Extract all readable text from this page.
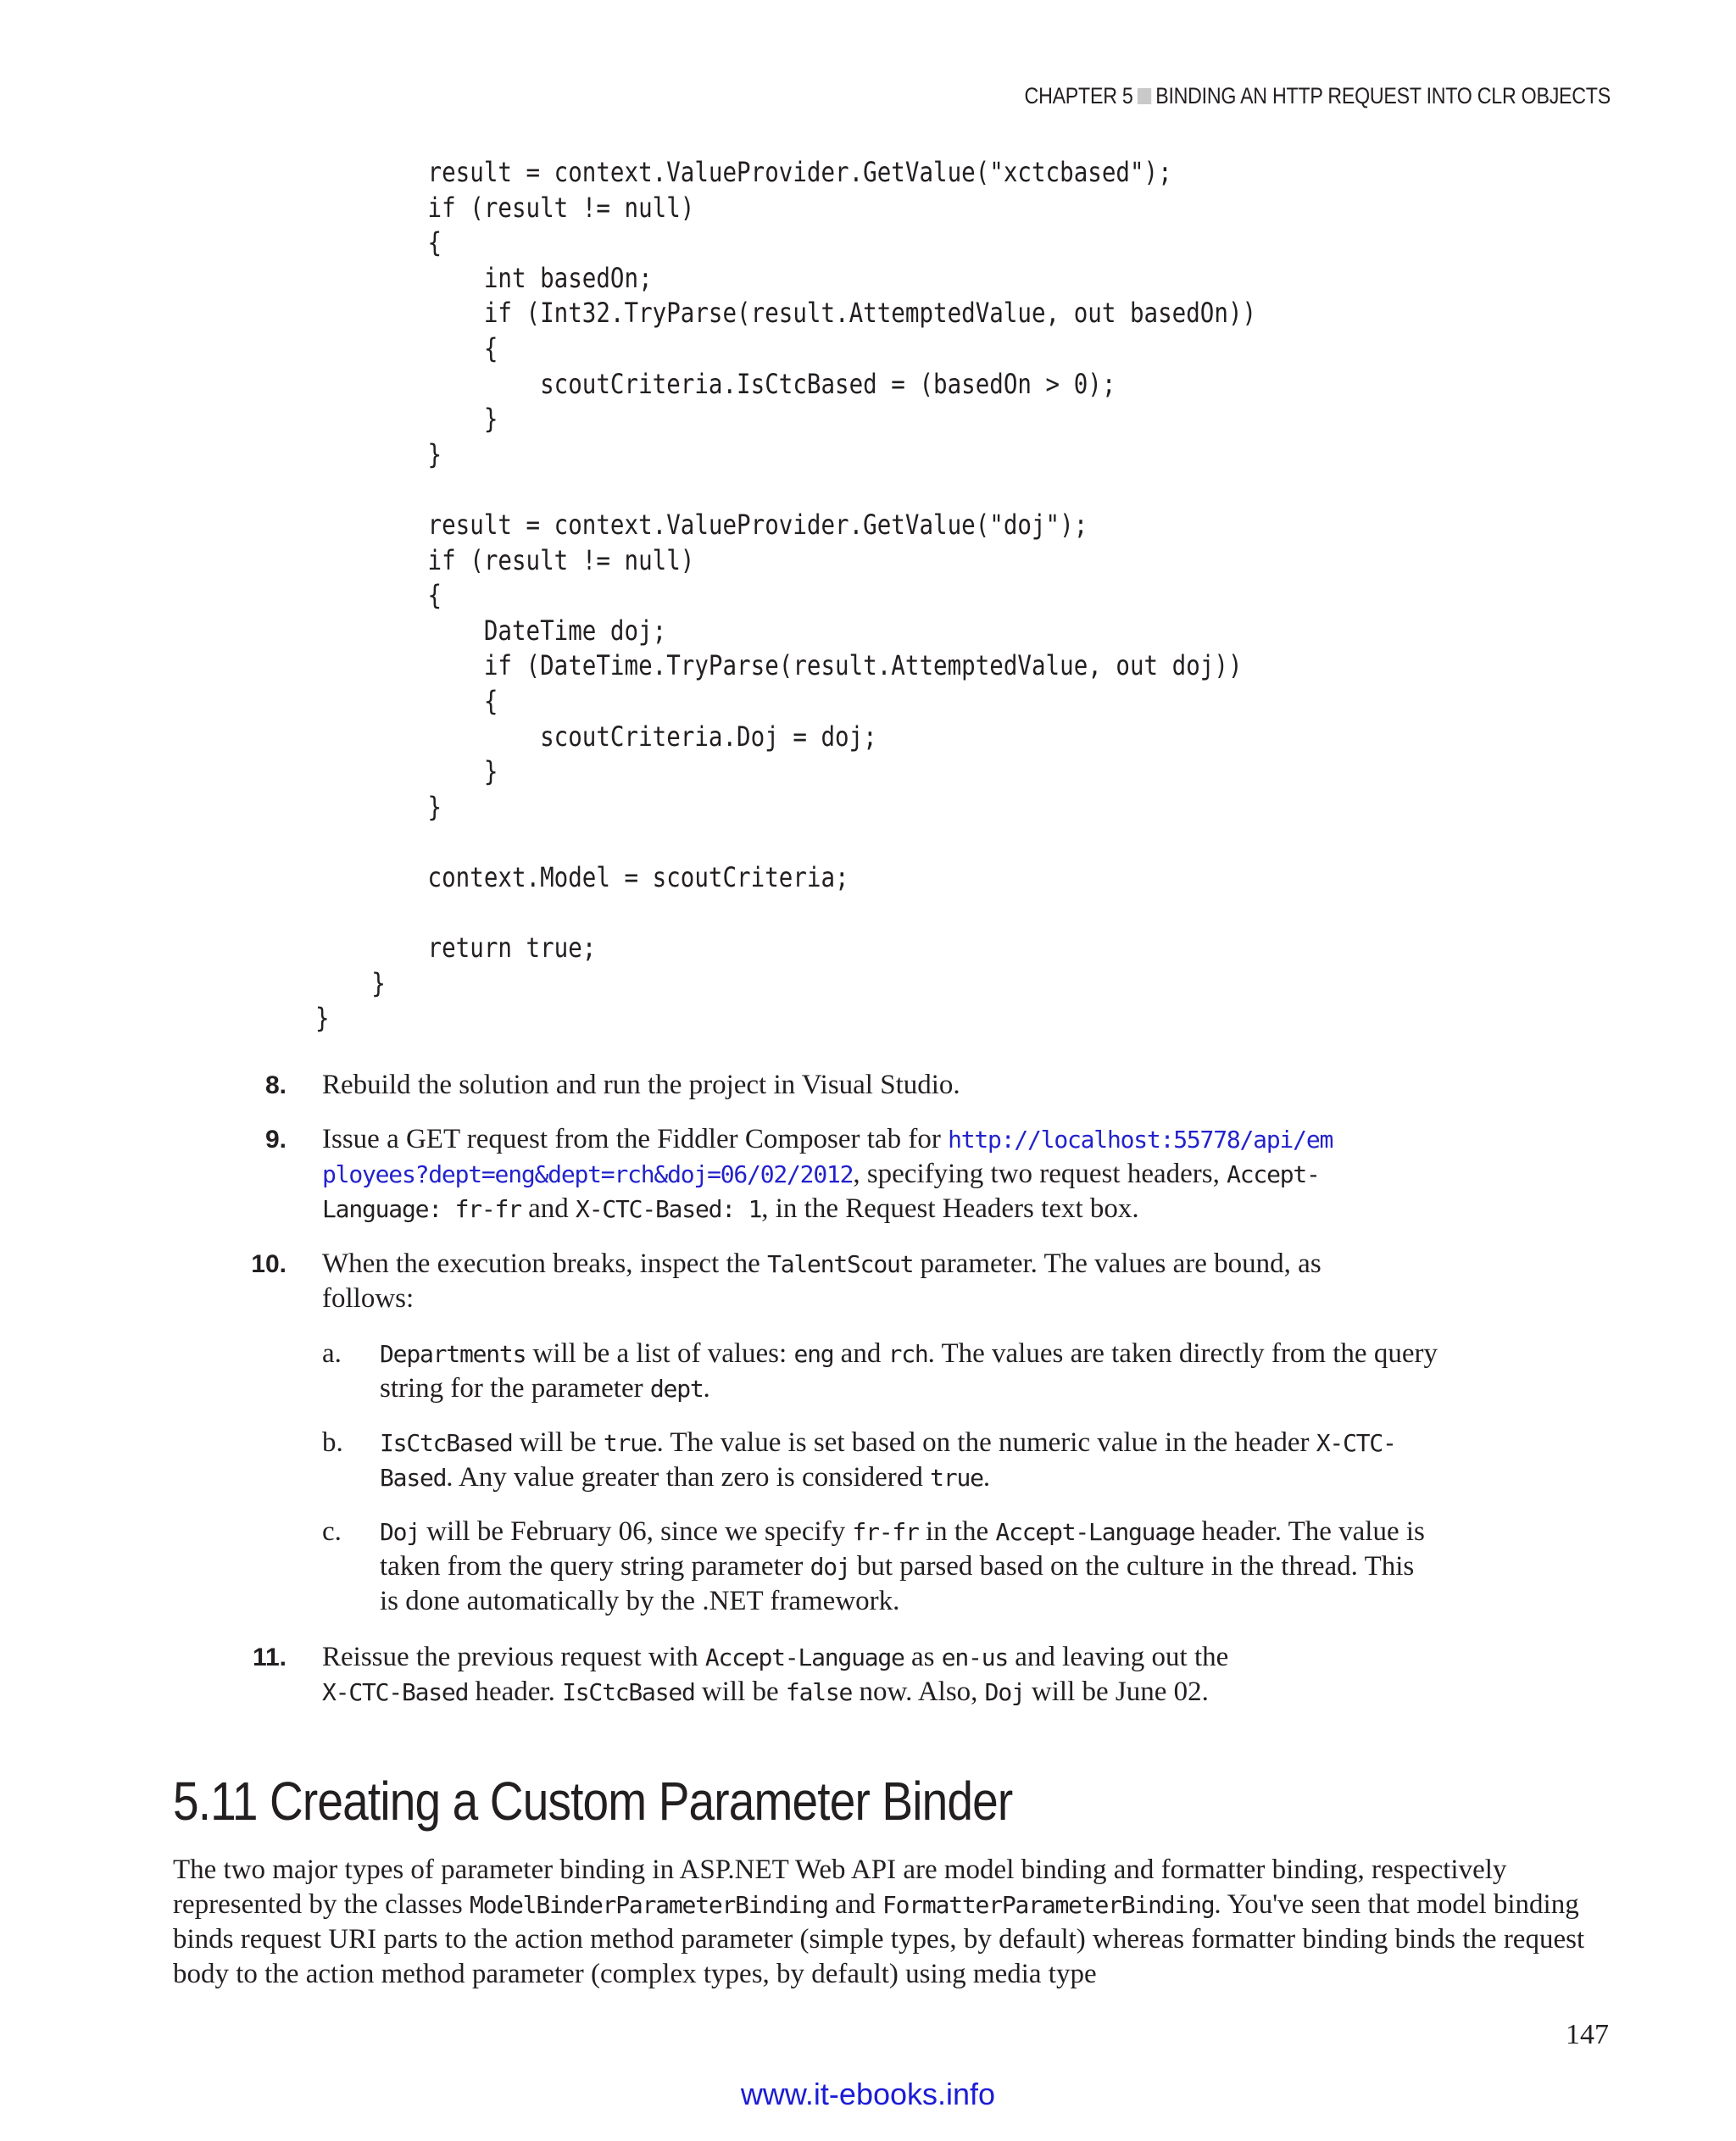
CHAPTER 5 BINDING AN HTTP REQUEST INTO CLR OBJECTS
result = context.ValueProvider.GetValue("xctcbased");
if (result != null)
{
int basedOn;
if (Int32.TryParse(result.AttemptedValue, out basedOn))
{
scoutCriteria.IsCtcBased = (basedOn > 0);
}
}

result = context.ValueProvider.GetValue("doj");
if (result != null)
{
DateTime doj;
if (DateTime.TryParse(result.AttemptedValue, out doj))
{
scoutCriteria.Doj = doj;
}
}

context.Model = scoutCriteria;

return true;
}
}
8. Rebuild the solution and run the project in Visual Studio.
9. Issue a GET request from the Fiddler Composer tab for http://localhost:55778/api/em
ployees?dept=eng&dept=rch&doj=06/02/2012, specifying two request headers, Accept-
Language: fr-fr and X-CTC-Based: 1, in the Request Headers text box.
10. When the execution breaks, inspect the TalentScout parameter. The values are bound, as follows:
a.	Departments will be a list of values: eng and rch. The values are taken directly from the query string for the parameter dept.
b.	IsCtcBased will be true. The value is set based on the numeric value in the header X-CTC-Based. Any value greater than zero is considered true.
c.	Doj will be February 06, since we specify fr-fr in the Accept-Language header. The value is taken from the query string parameter doj but parsed based on the culture in the thread. This is done automatically by the .NET framework.
11. Reissue the previous request with Accept-Language as en-us and leaving out the
X-CTC-Based header. IsCtcBased will be false now. Also, Doj will be June 02.
5.11 Creating a Custom Parameter Binder
The two major types of parameter binding in ASP.NET Web API are model binding and formatter binding, respectively represented by the classes ModelBinderParameterBinding and FormatterParameterBinding. You've seen that model binding binds request URI parts to the action method parameter (simple types, by default) whereas formatter binding binds the request body to the action method parameter (complex types, by default) using media type
147
www.it-ebooks.info
